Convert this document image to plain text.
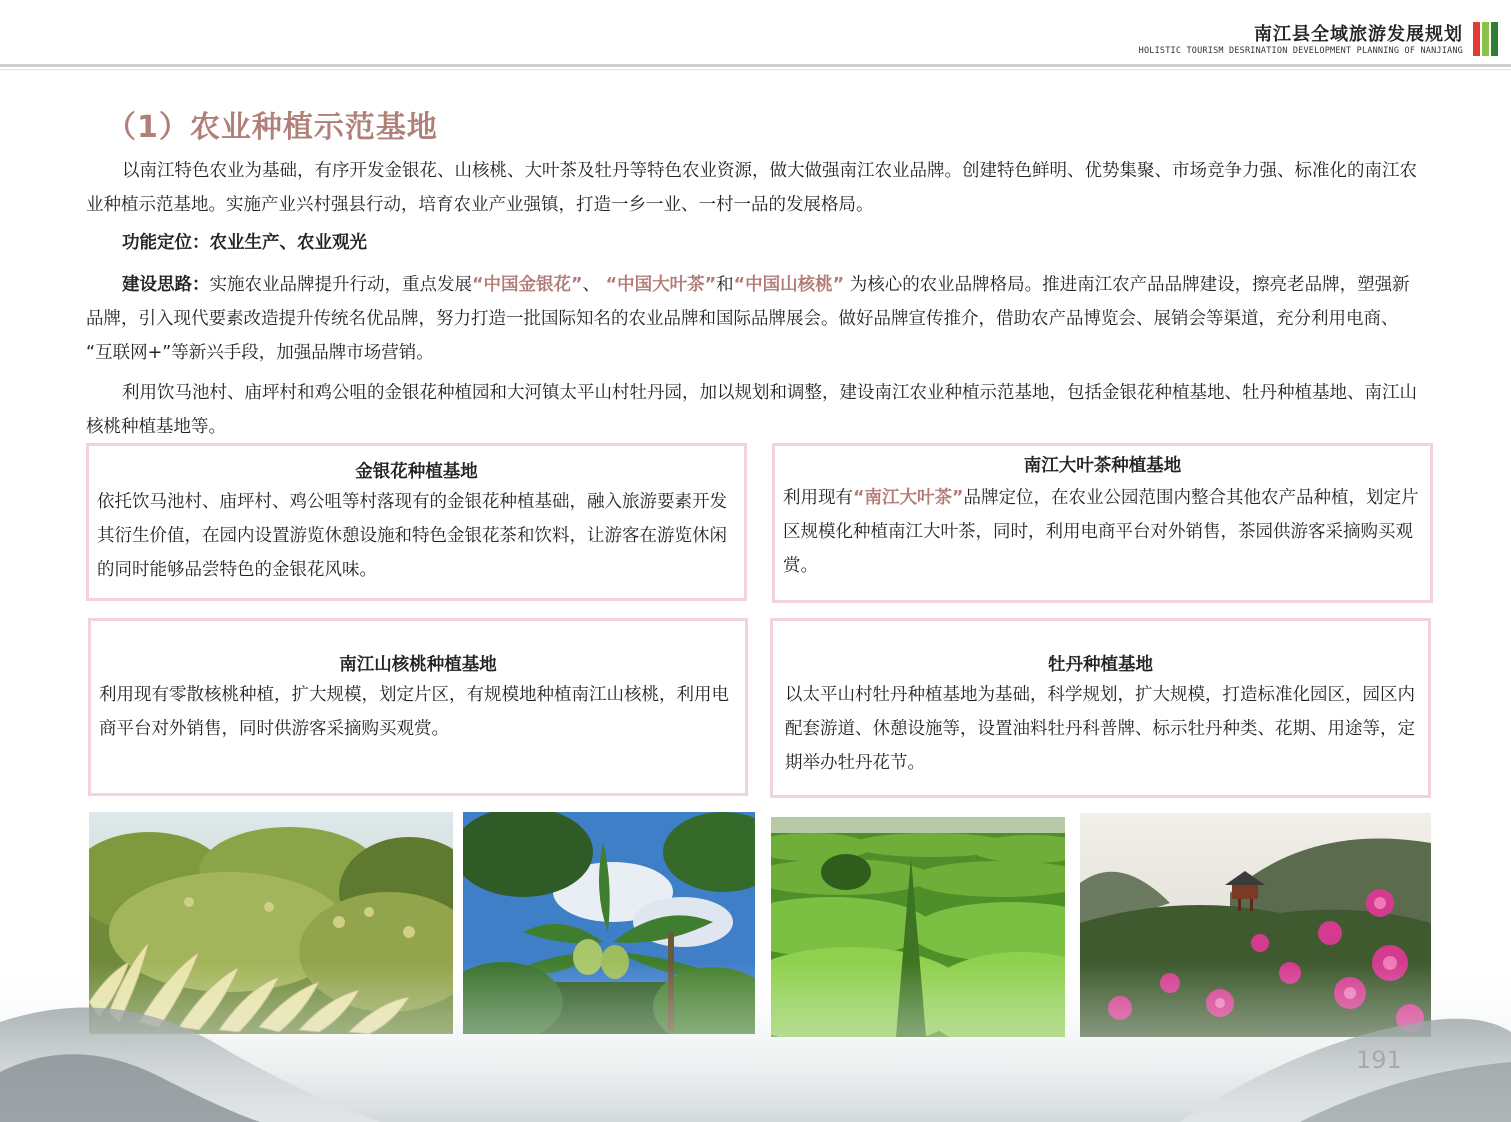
南江县全域旅游发展规划
HOLISTIC TOURISM DESRINATION DEVELOPMENT PLANNING OF NANJIANG
（1）农业种植示范基地
以南江特色农业为基础，有序开发金银花、山核桃、大叶茶及牡丹等特色农业资源，做大做强南江农业品牌。创建特色鲜明、优势集聚、市场竞争力强、标准化的南江农业种植示范基地。实施产业兴村强县行动，培育农业产业强镇，打造一乡一业、一村一品的发展格局。
功能定位：农业生产、农业观光
建设思路：实施农业品牌提升行动，重点发展“中国金银花”、 “中国大叶茶”和“中国山核桃” 为核心的农业品牌格局。推进南江农产品品牌建设，擦亮老品牌，塑强新品牌，引入现代要素改造提升传统名优品牌，努力打造一批国际知名的农业品牌和国际品牌展会。做好品牌宣传推介，借助农产品博览会、展销会等渠道，充分利用电商、 “互联网+”等新兴手段，加强品牌市场营销。
利用饮马池村、庙坪村和鸡公咀的金银花种植园和大河镇太平山村牡丹园，加以规划和调整，建设南江农业种植示范基地，包括金银花种植基地、牡丹种植基地、南江山核桃种植基地等。
金银花种植基地
依托饮马池村、庙坪村、鸡公咀等村落现有的金银花种植基础，融入旅游要素开发其衍生价值，在园内设置游览休憩设施和特色金银花茶和饮料，让游客在游览休闲的同时能够品尝特色的金银花风味。
南江大叶茶种植基地
利用现有“南江大叶茶”品牌定位，在农业公园范围内整合其他农产品种植，划定片区规模化种植南江大叶茶，同时，利用电商平台对外销售，茶园供游客采摘购买观赏。
南江山核桃种植基地
利用现有零散核桃种植，扩大规模，划定片区，有规模地种植南江山核桃，利用电商平台对外销售，同时供游客采摘购买观赏。
牡丹种植基地
以太平山村牡丹种植基地为基础，科学规划，扩大规模，打造标准化园区，园区内配套游道、休憩设施等，设置油料牡丹科普牌、标示牡丹种类、花期、用途等，定期举办牡丹花节。
191
